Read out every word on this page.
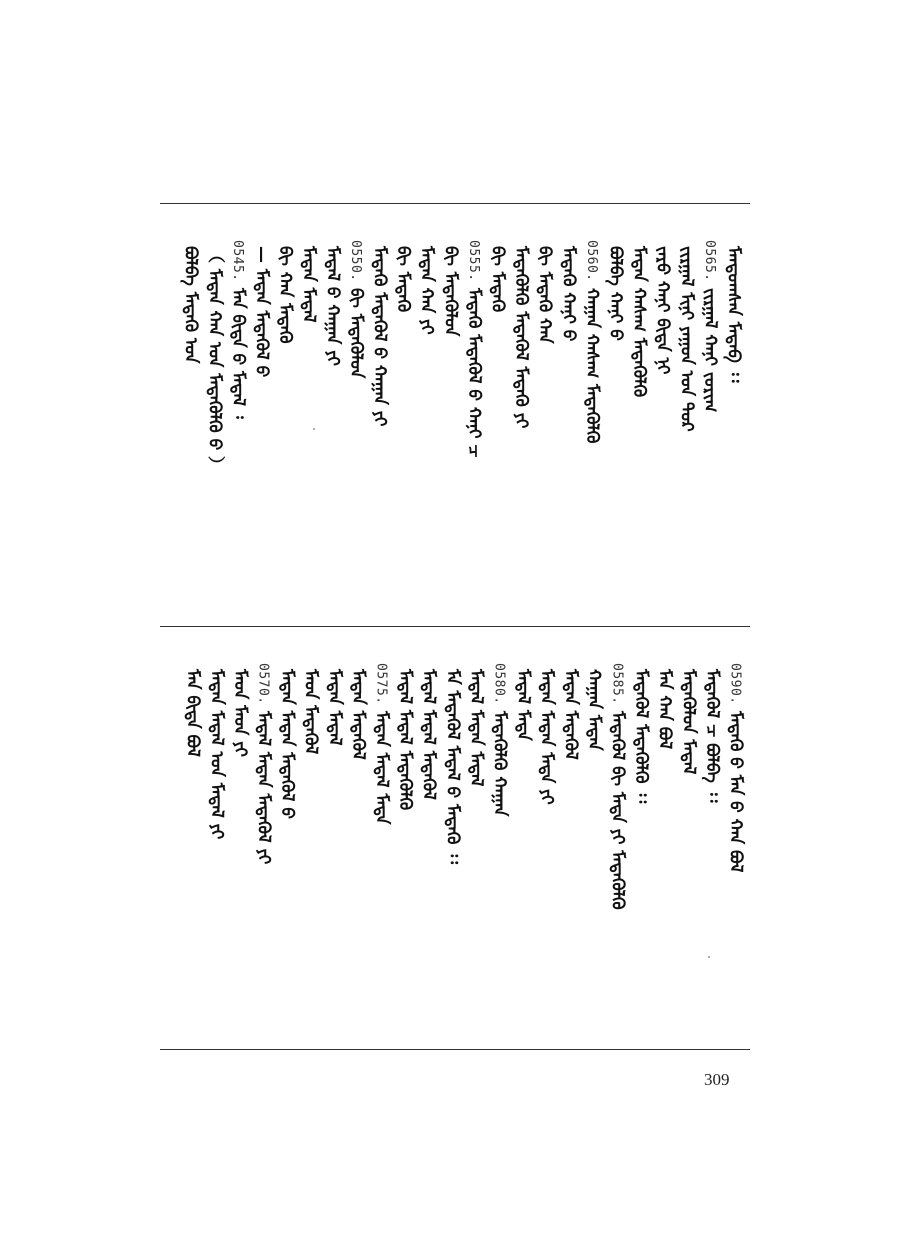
ᠮᠠᠨᠳᠤᠭᠰᠠᠨ ᠮᠠᠲᠠᠪ ᠄᠄
0565.
ᠵᠢᠷᠭᠠᠯ ᠬᠠᠨᠢ ᠵᠣᠷᠢᠭ
ᠵᠢᠷᠭᠠᠯ ᠮᠢᠨᠢ ᠶᠠᠭᠤᠨ ᠤᠨ ᠳᠤᠷ
ᠵᠠᠷᠤ ᠬᠠᠨᠢ ᠪᠢᠳᠡ ᠨᠢ
ᠮᠡᠳᠡᠨ ᠬᠠᠰᠠᠭ ᠮᠡᠳᠡᠭᠦᠯᠬᠦ
ᠪᠣᠯᠪᠠ ᠬᠠᠨᠢ ᠪ
0560.
ᠬᠠᠭᠠᠨ ᠬᠠᠰᠠᠭ ᠮᠡᠳᠡᠭᠦᠯᠬᠦ
ᠮᠡᠳᠡᠭᠦ ᠬᠠᠨᠢ ᠪ
ᠪᠢ ᠮᠡᠳᠡᠬᠦ ᠬᠠᠨ
ᠮᠡᠳᠡᠭᠦᠯᠬᠦ ᠮᠡᠳᠡᠭᠦᠯ ᠮᠡᠳᠡᠬᠦ ᠶᠢ
ᠪᠢ ᠮᠡᠳᠡᠬᠦ
0555.
ᠮᠡᠳᠡᠭᠦ ᠮᠡᠳᠡᠭᠦᠯ ᠪ ᠬᠠᠨᠢ ᠴ
ᠪᠢ ᠮᠡᠳᠡᠭᠦᠯᠦᠨ
ᠮᠡᠳᠡᠨ ᠬᠠᠨ ᠶᠢ
ᠪᠢ ᠮᠡᠳᠡᠬᠦ
ᠮᠡᠳᠡᠭᠦ ᠮᠡᠳᠡᠭᠦᠯ ᠪ ᠬᠠᠭᠠᠨ ᠶᠢ
0550.
ᠪᠢ ᠮᠡᠳᠡᠭᠦᠯᠦᠨ
ᠮᠡᠳᠡᠯ ᠪ ᠬᠠᠭᠠᠨ ᠶᠢ
ᠮᠡᠳᠡᠨ ᠮᠡᠳᠡᠯ
ᠪᠢ ᠬᠠᠨ ᠮᠡᠳᠡᠭᠦ
— ᠮᠡᠳᠡᠨ ᠮᠡᠳᠡᠭᠦᠯ ᠪ
0545.
ᠮᠠᠨ ᠪᠢᠳᠡ ᠪ ᠮᠡᠳᠡᠯ ᠄
（ ᠮᠡᠳᠡᠨ ᠬᠠᠨ ᠤᠨ ᠮᠡᠳᠡᠭᠦᠯᠬᠦ ᠪ ）
ᠪᠣᠯᠪᠠ ᠮᠡᠳᠡᠭᠦ ᠤᠨ
0590.
ᠮᠡᠳᠡᠭᠦ ᠪ ᠮᠠᠨ ᠪ ᠬᠠᠨ ᠪᠣᠯ
ᠮᠡᠳᠡᠭᠦᠯ ᠴ ᠪᠣᠯᠪᠠ ᠄᠄
ᠮᠡᠳᠡᠭᠦᠯᠦᠨ ᠮᠡᠳᠡᠯ
ᠮᠠᠨ ᠬᠠᠨ ᠪᠣᠯ
ᠮᠡᠳᠡᠭᠦᠯ ᠮᠡᠳᠡᠭᠦᠯᠬᠦ ᠄᠄
0585.
ᠮᠡᠳᠡᠭᠦᠯ ᠪᠢ ᠮᠡᠳᠡ ᠶᠢ ᠮᠡᠳᠡᠭᠦᠯᠬᠦ
ᠬᠠᠭᠠᠨ ᠮᠡᠳᠡᠨ
ᠮᠡᠳᠡᠨ ᠮᠡᠳᠡᠭᠦᠯ
ᠮᠡᠳᠡᠨ ᠮᠡᠳᠡᠨ ᠮᠡᠳᠡ ᠶᠢ
ᠮᠡᠳᠡᠯ ᠮᠡᠳᠡ
0580.
ᠮᠡᠳᠡᠭᠦᠯᠬᠦ ᠬᠠᠭᠠᠨ
ᠮᠡᠳᠡᠯ ᠮᠡᠳᠡᠨ ᠮᠡᠳᠡᠯ
ᠮᠡ ᠮᠡᠳᠡᠭᠦᠯ ᠮᠡᠳᠡᠯ ᠪ ᠮᠡᠳᠡᠭᠦ ᠄᠄
ᠮᠡᠳᠡᠯ ᠮᠡᠳᠡᠯ ᠮᠡᠳᠡᠭᠦᠯ
ᠮᠡᠳᠡᠯ ᠮᠡᠳᠡᠯ ᠮᠡᠳᠡᠭᠦᠯᠬᠦ
0575.
ᠮᠡᠳᠡᠨ ᠮᠡᠳᠡᠯ ᠮᠡᠳᠡ
ᠮᠡᠳᠡᠨ ᠮᠡᠳᠡᠭᠦᠯ
ᠮᠡᠳᠡᠨ ᠮᠡᠳᠡᠯ
ᠮᠡᠳ ᠮᠡᠳᠡᠭᠦᠯ
ᠮᠡᠳᠡᠨ ᠮᠡᠳᠡᠨ ᠮᠡᠳᠡᠭᠦᠯ ᠪ
0570.
ᠮᠡᠳᠡᠯ ᠮᠡᠳᠡᠨ ᠮᠡᠳᠡᠭᠦᠯ ᠶᠢ
ᠮᠡᠳ ᠮᠡᠳ ᠶᠢ
ᠮᠡᠳᠡᠨ ᠮᠡᠳᠡᠯ ᠤᠨ ᠮᠡᠳᠡᠯ ᠶᠢ
ᠮᠠᠨ ᠪᠢᠳᠡ ᠪᠣᠯ
309
